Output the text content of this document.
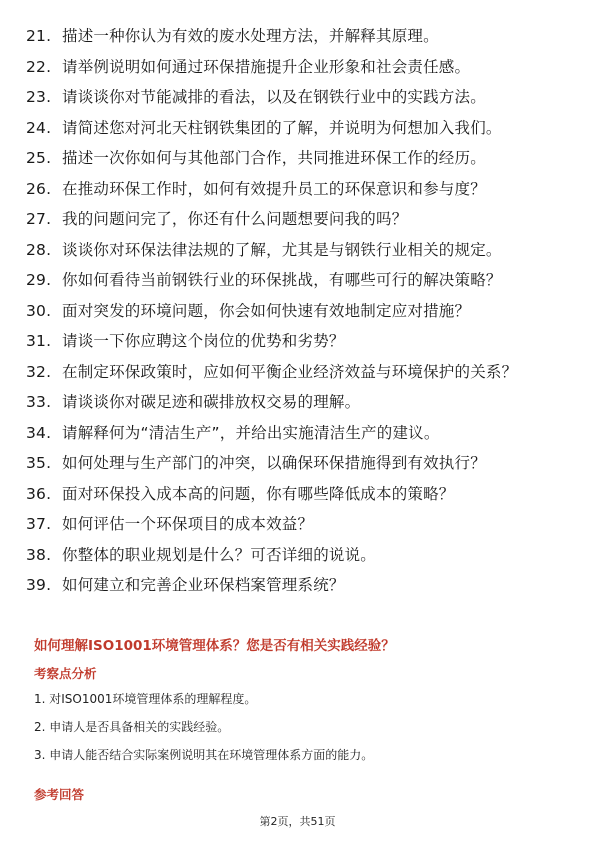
21. 描述一种你认为有效的废水处理方法，并解释其原理。
22. 请举例说明如何通过环保措施提升企业形象和社会责任感。
23. 请谈谈你对节能减排的看法，以及在钢铁行业中的实践方法。
24. 请简述您对河北天柱钢铁集团的了解，并说明为何想加入我们。
25. 描述一次你如何与其他部门合作，共同推进环保工作的经历。
26. 在推动环保工作时，如何有效提升员工的环保意识和参与度？
27. 我的问题问完了，你还有什么问题想要问我的吗？
28. 谈谈你对环保法律法规的了解，尤其是与钢铁行业相关的规定。
29. 你如何看待当前钢铁行业的环保挑战，有哪些可行的解决策略？
30. 面对突发的环境问题，你会如何快速有效地制定应对措施？
31. 请谈一下你应聘这个岗位的优势和劣势？
32. 在制定环保政策时，应如何平衡企业经济效益与环境保护的关系？
33. 请谈谈你对碳足迹和碳排放权交易的理解。
34. 请解释何为“清洁生产”，并给出实施清洁生产的建议。
35. 如何处理与生产部门的冲突，以确保环保措施得到有效执行？
36. 面对环保投入成本高的问题，你有哪些降低成本的策略？
37. 如何评估一个环保项目的成本效益？
38. 你整体的职业规划是什么？可否详细的说说。
39. 如何建立和完善企业环保档案管理系统？
如何理解ISO1001环境管理体系？您是否有相关实践经验？
考察点分析
1. 对ISO1001环境管理体系的理解程度。
2. 申请人是否具备相关的实践经验。
3. 申请人能否结合实际案例说明其在环境管理体系方面的能力。
参考回答
第2页，共51页
